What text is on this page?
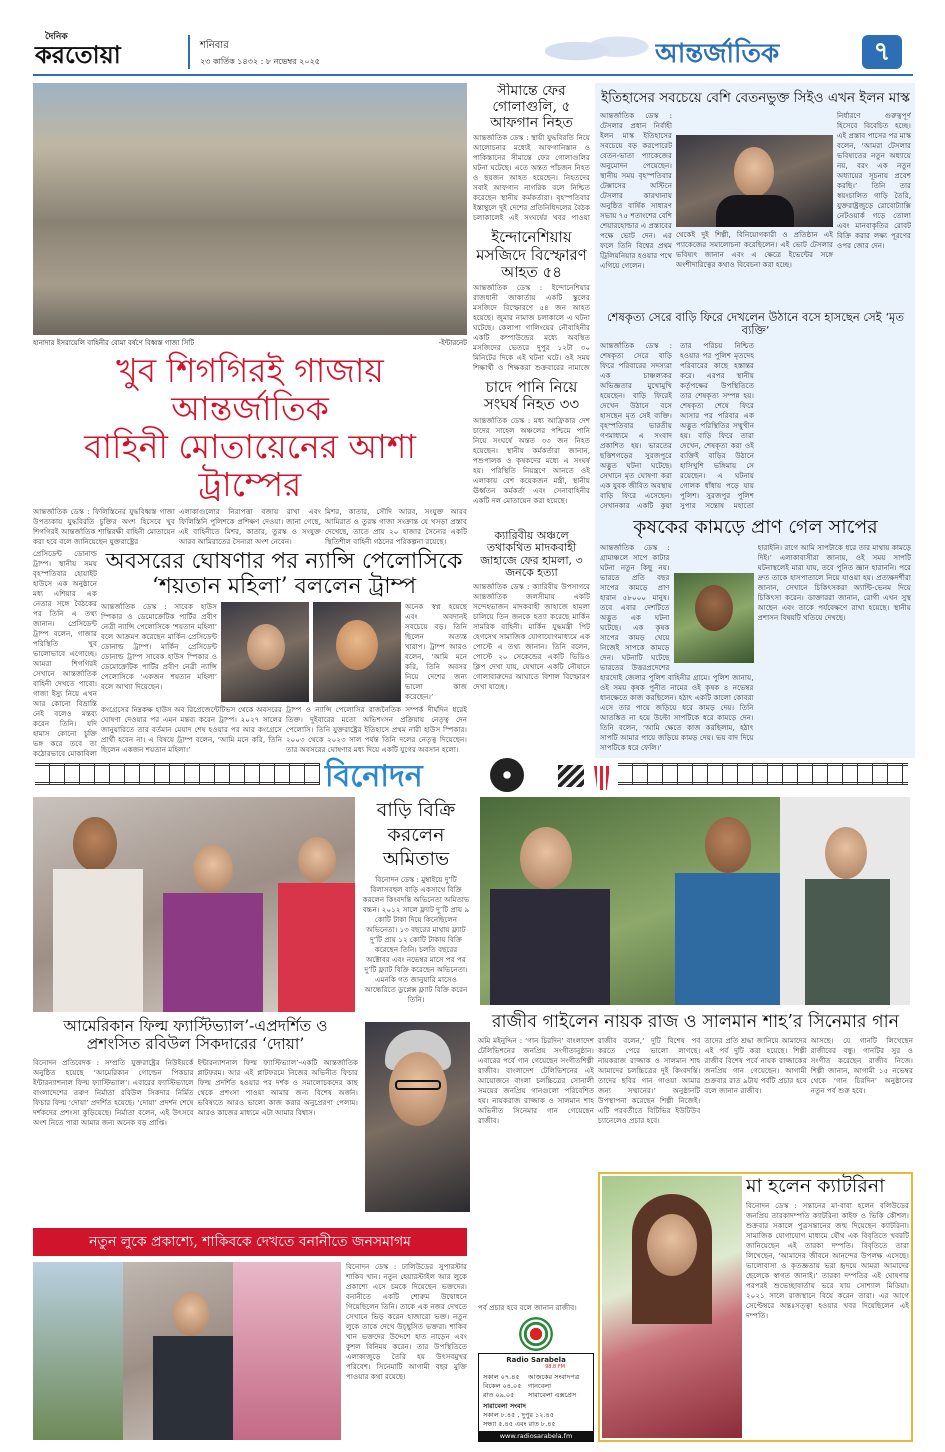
দৈনিক
করতোয়া	শনিবার
২৩ কার্তিক ১৪৩২ : ৮ নভেম্বর ২০২৫	আন্তর্জাতিক	৭
হানাদার ইসরায়েলি বাহিনীর বোমা বর্ষণে বিধ্বস্ত গাজা সিটি	-ইন্টারনেট
খুব শিগগিরই গাজায় আন্তর্জাতিক
বাহিনী মোতায়েনের আশা ট্রাম্পের
আন্তর্জাতিক ডেস্ক : ফিলিস্তিনের যুদ্ধবিধ্বস্ত গাজা উপত্যকায় যুদ্ধবিরতি চুক্তির অংশ হিসেবে খুব শিগগিরই আন্তর্জাতিক শান্তিরক্ষী বাহিনী মোতায়েন করা হবে বলে জানিয়েছেন যুক্তরাষ্ট্রের
এলাকাগুলোর নিরাপত্তা বজায় রাখা এবং ফিলিস্তিনি পুলিশকে প্রশিক্ষণ দেওয়া। জানা গেছে, এই বাহিনীতে মিশর, কাতার, তুরস্ক ও সংযুক্ত আরব আমিরাতের সৈন্যরা অংশ নেবেন।
মিশর, কাতার, সৌদি আরব, সংযুক্ত আরব আমিরাত ও তুরস্ক গাজা সংক্রান্ত যে খসড়া প্রস্তাব দেখেছে, তাতে প্রায় ২০ হাজার সৈন্যের একটি স্থিতিশীল বাহিনী গঠনের পরিকল্পনা রয়েছে।
প্রেসিডেন্ট ডোনাল্ড ট্রাম্প। স্থানীয় সময় বৃহস্পতিবার হোয়াইট হাউসে এক অনুষ্ঠানে মধ্য এশিয়ার এক নেতার সঙ্গে বৈঠকের পর তিনি এ তথ্য জানান। প্রেসিডেন্ট ট্রাম্প বলেন, গাজার পরিস্থিতি খুব ভালোভাবে এগোচ্ছে। আমরা শিগগিরই সেখানে আন্তর্জাতিক বাহিনী দেখতে পাবো। গাজা ইস্যু নিয়ে এখন আর কোনো বিভ্রান্তি নেই বলেও মন্তব্য করেন তিনি। যদি হামাস কোনো চুক্তি ভঙ্গ করে তবে তা কঠোরভাবে মোকাবিলা
অবসরের ঘোষণার পর ন্যান্সি পেলোসিকে
‘শয়তান মহিলা’ বললেন ট্রাম্প
আন্তর্জাতিক ডেস্ক : সাবেক হাউস স্পিকার ও ডেমোক্রেটিক পার্টির প্রবীণ নেত্রী ন্যান্সি পেলোসিকে ‘শয়তান মহিলা’ বলে আক্রমণ করেছেন মার্কিন প্রেসিডেন্ট ডোনাল্ড ট্রাম্প। মার্কিন প্রেসিডেন্ট ডোনাল্ড ট্রাম্প সাবেক হাউস স্পিকার ও ডেমোক্রেটিক পার্টির প্রবীণ নেত্রী ন্যান্সি পেলোসিকে ‘একজন শয়তান মহিলা’ বলে আখ্যা দিয়েছেন।
অনেক স্বপ্ন হয়েছে এবং অবদানই সবচেয়ে বড়। তিনি ছিলেন অত্যন্ত খারাপ। ট্রাম্প আরও বলেন, ‘আমি মনে করি, তিনি অবসর নিয়ে দেশের জন্য ভালো কাজ করেছেন।’
কংগ্রেসের নিম্নকক্ষ হাউস অব রিপ্রেজেন্টেটিভস থেকে অবসরের ঘোষণা দেওয়ার পর এমন মন্তব্য করেন ট্রাম্প। ২০২৭ সালের জানুয়ারিতে তার বর্তমান মেয়াদ শেষ হওয়ার পর আর কংগ্রেসে প্রার্থী হবেন না। এ বিষয়ে ট্রাম্প বলেন, ‘আমি মনে করি, তিনি ছিলেন একজন শয়তান মহিলা।’
ট্রাম্প ও ন্যান্সি পেলোসির রাজনৈতিক সম্পর্ক দীর্ঘদিন ধরেই তিক্ত। দুইবারের মতো অভিশংসন প্রক্রিয়ায় নেতৃত্ব দেন পেলোসি। তিনি যুক্তরাষ্ট্রের ইতিহাসে প্রথম নারী হাউস স্পিকার। ২০০৩ থেকে ২০২৩ সাল পর্যন্ত তিনি দলের নেতৃত্ব দিয়েছেন। তার অবসরের ঘোষণার মধ্য দিয়ে একটি যুগের অবসান হলো।
সীমান্তে ফের গোলাগুলি, ৫ আফগান নিহত
আন্তর্জাতিক ডেস্ক : স্থায়ী যুদ্ধবিরতি নিয়ে আলোচনার মধ্যেই আফগানিস্তান ও পাকিস্তানের সীমান্তে ফের গোলাগুলির ঘটনা ঘটেছে। এতে অন্তত পাঁচজন নিহত ও ছয়জন আহত হয়েছেন। নিহতদের সবাই আফগান নাগরিক বলে নিশ্চিত করেছেন স্থানীয় কর্মকর্তারা। বৃহস্পতিবার ইস্তাম্বুলে দুই দেশের প্রতিনিধিদলের বৈঠক চলাকালেই এই সংঘর্ষের খবর পাওয়া
ইন্দোনেশিয়ায় মসজিদে বিস্ফোরণ আহত ৫৪
আন্তর্জাতিক ডেস্ক : ইন্দোনেশিয়ার রাজধানী জাকার্তায় একটি স্কুলের মসজিদে বিস্ফোরণে ৫৪ জন আহত হয়েছে। জুমার নামাজ চলাকালে এ ঘটনা ঘটেছে। কেলাপা গালিংয়ের নৌবাহিনীর একটি কম্পাউন্ডের মধ্যে অবস্থিত মসজিদের ভেতরে দুপুর ১২টা ৩০ মিনিটের দিকে এই ঘটনা ঘটে। ওই সময় শিক্ষার্থী ও শিক্ষকরা শুক্রবারের নামাজে
চাদে পানি নিয়ে সংঘর্ষ নিহত ৩৩
আন্তর্জাতিক ডেস্ক : মধ্য আফ্রিকার দেশ চাদের সাহেল অঞ্চলের পশ্চিমে পানি নিয়ে সংঘর্ষে অন্তত ৩৩ জন নিহত হয়েছেন। স্থানীয় কর্মকর্তারা জানান, পশুপালক ও কৃষকদের মধ্যে এ সংঘর্ষ হয়। পরিস্থিতি নিয়ন্ত্রণে আনতে ওই এলাকায় বেশ কয়েকজন মন্ত্রী, স্থানীয় ঊর্ধ্বতন কর্মকর্তা এবং সেনাবাহিনীর একটি দল মোতায়েন করা হয়েছে।
ক্যারিবীয় অঞ্চলে তথাকথিত মাদকবাহী জাহাজে ফের হামলা, ৩ জনকে হত্যা
আন্তর্জাতিক ডেস্ক : ক্যারিবীয় উপসাগরে আন্তর্জাতিক জলসীমায় একটি সন্দেহভাজন মাদকবাহী জাহাজে হামলা চালিয়ে তিন জনকে হত্যা করেছে মার্কিন সামরিক বাহিনী। মার্কিন যুদ্ধমন্ত্রী পিট হেগসেথ সামাজিক যোগাযোগমাধ্যমে এক পোস্টে এ তথ্য জানান। তিনি বলেন, পোস্টে ২০ সেকেন্ডের একটি ভিডিও ক্লিপ দেখা যায়, যেখানে একটি নৌযানে গোলাবারুদের আঘাতে বিশাল বিস্ফোরণ দেখা যাচ্ছে।
ইতিহাসের সবচেয়ে বেশি বেতনভুক্ত সিইও এখন ইলন মাস্ক
আন্তর্জাতিক ডেস্ক : টেসলার প্রধান নির্বাহী ইলন মাস্ক ইতিহাসের সবচেয়ে বড় করপোরেট বেতন-ভাতা প্যাকেজের অনুমোদন পেয়েছেন। স্থানীয় সময় বৃহস্পতিবার টেক্সাসের অস্টিনে টেসলার কারখানায় অনুষ্ঠিত বার্ষিক সাধারণ সভায় ৭৫ শতাংশের বেশি শেয়ারহোল্ডার এ প্রস্তাবের পক্ষে ভোট দেন। এর ফলে তিনি বিশ্বের প্রথম ট্রিলিয়নিয়ার হওয়ার পথে এগিয়ে গেলেন।
থেকেই দুই শিল্পী, বিনিয়োগকারী ও প্রতিষ্ঠান এই প্যাকেজের সমালোচনা করেছিলেন। এই ভোট টেসলার ভবিষ্যৎ জানান এবং এ ক্ষেত্রে ইভেন্টের সঙ্গে অংশীদারিত্বের কথাও বিবেচনা করা হচ্ছে।
নির্ধারণে গুরুত্বপূর্ণ হিসেবে বিবেচিত হচ্ছে। এই প্রস্তাব পাসের পর মাস্ক বলেন, ‘আমরা টেসলার ভবিষ্যতের নতুন অধ্যায়ে নয়, বরং এক নতুন অধ্যায়ের সূচনায় প্রবেশ করছি।’ তিনি তার স্বয়ংচালিত গাড়ি তৈরি, যুক্তরাষ্ট্রজুড়ে রোবোট্যাক্সি নেটওয়ার্ক গড়ে তোলা এবং মানবাকৃতির রোবট বিক্রি করার লক্ষ্য পূরণের ওপর জোর দেন।
শেষকৃত্য সেরে বাড়ি ফিরে দেখলেন উঠানে বসে হাসছেন সেই ‘মৃত ব্যক্তি’
আন্তর্জাতিক ডেস্ক : শেষকৃত্য সেরে বাড়ি ফিরে পরিবারের সদস্যরা এক চাঞ্চল্যকর অভিজ্ঞতার মুখোমুখি হয়েছেন। বাড়ি ফিরেই দেখেন উঠানে বসে হাসছেন মৃত সেই ব্যক্তি। বৃহস্পতিবার ভারতীয় গণমাধ্যমে এ সংবাদ প্রকাশিত হয়। ভারতের ছত্তিশগড়ের সুরজপুরে অদ্ভুত ঘটনা ঘটেছে। সেখানে মৃত ঘোষণা করা এক যুবক জীবিত অবস্থায় বাড়ি ফিরে এসেছেন। সেখানকার একটি কুয়া
তার পরিচয় নিশ্চিত হওয়ার পর পুলিশ মৃতদেহ পরিবারের কাছে হস্তান্তর করে। এরপর স্থানীয় কর্তৃপক্ষের উপস্থিতিতে তার শেষকৃত্য সম্পন্ন হয়। শেষকৃত্য শেষে ফিরে আসার পর পরিবার এক অদ্ভুত পরিস্থিতির সম্মুখীন হয়। বাড়ি ফিরে তারা দেখেন, শেষকৃত্য করা ওই ব্যক্তিই বাড়ির উঠানে হাসিখুশি ভঙ্গিমায় সে রয়েছেন। এ ঘটনায় গোলক ধাঁধায় পড়ে যায় পুলিশ। সুরজপুর পুলিশ সুপার সন্তোষ মহাতো
কৃষকের কামড়ে প্রাণ গেল সাপের
আন্তর্জাতিক ডেস্ক : গ্রামাঞ্চলে সাপে কাটার ঘটনা নতুন কিছু নয়। ভারতে প্রতি বছর সাপের কামড়ে প্রাণ হারান ৫৮০০০ মানুষ। তবে এবার দেশটিতে অদ্ভুত এক ঘটনা ঘটেছে। এক কৃষক সাপের কামড় খেয়ে নিজেই সাপকে কামড়ে দেন। ঘটনাটি ঘটেছে ভারতের উত্তরপ্রদেশের হারদোই জেলার পুলিশ বাহিনীর গ্রামে। পুলিশ জানায়, ওই সময় কৃষক পুনীত নামের ওই কৃষক ৪ নভেম্বর ধানক্ষেতে কাজ করছিলেন। হঠাৎ একটি কালো কোবরা এসে তার পায়ে জড়িয়ে ধরে কামড় দেয়। তিনি আতঙ্কিত না হয়ে উল্টো সাপটিকে ধরে কামড়ে দেন। তিনি বলেন, ‘আমি ক্ষেতে কাজ করছিলাম, হঠাৎ সাপটি আমার পায়ে জড়িয়ে কামড় দেয়। ভয় বাদ দিয়ে সাপটিকে ধরে ফেলি।’
হারাইনি। রাগে আমি সাপটাকে ধরে তার মাথায় কামড়ে দিই।’ এলাকাবাসীরা জানায়, ওই সময় সাপটি ঘটনাস্থলেই মারা যায়, তবে পুনিত জ্ঞান হারাননি। পরে দ্রুত তাকে হাসপাতালে নিয়ে যাওয়া হয়। প্রত্যক্ষদর্শীরা জানান, সেখানে চিকিৎসকরা অ্যান্টি-ভেনম দিয়ে চিকিৎসা করেন। ডাক্তাররা জানান, রোগী এখন সুস্থ আছেন এবং তাকে পর্যবেক্ষণে রাখা হয়েছে। স্থানীয় প্রশাসন বিষয়টি খতিয়ে দেখছে।
বিনোদন
বাড়ি বিক্রি করলেন অমিতাভ
বিনোদন ডেস্ক : মুম্বাইয়ে দু’টি বিলাসবহুল বাড়ি একসাথে বিক্রি করলেন কিংবদন্তি অভিনেতা অমিতাভ বচ্চন। ২০১২ সালে ফ্ল্যাট দু’টি প্রায় ৯ কোটি টাকা দিয়ে কিনেছিলেন অভিনেতা। ১৩ বছরের মাথায় ফ্ল্যাট দু’টি প্রায় ১২ কোটি টাকায় বিক্রি করেছেন তিনি। চলতি বছরের অক্টোবর এবং নভেম্বর মাসে পর পর দু’টি ফ্ল্যাট বিক্রি করেছেন অভিনেতা। এমনকি গত জানুয়ারি মাসেও আন্ধেরিতে ডুপ্লেক্স ফ্ল্যাট বিক্রি করেন তিনি।
আমেরিকান ফিল্ম ফ্যাস্টিভ্যাল’-এপ্রদর্শিত ও
প্রশংসিত রবিউল সিকদারের ‘দোয়া’
বিনোদন প্রতিবেদক : সম্প্রতি যুক্তরাষ্ট্রের নিউইয়র্কে অনুষ্ঠিত হয়েছে ‘আমেরিকান গোল্ডেন পিকচার ইন্টারন্যাশনাল ফিল্ম ফ্যাস্টিভ্যাল’। এবারের ফ্যাস্টিভ্যালে বাংলাদেশের তরুণ নির্মাতা রবিউল সিকদার নির্মিত ফিচার ফিল্ম ‘দোয়া’ প্রদর্শিত হয়েছে। ‘দোয়া’ প্রদর্শন শেষে দর্শকদের প্রশংসা কুড়িয়েছে। নির্মাতা বলেন, এই উৎসবে অংশ নিতে পারা আমার জন্য অনেক বড় প্রাপ্তি।
ইন্টারন্যাশনাল ফিল্ম ফ্যাস্টিভ্যাল’-একটি আন্তর্জাতিক প্লাটফরম। আর এই প্লাটফরমে নিজের অভিনীত ফিচার ফিল্ম প্রদর্শিত হওয়ার পর দর্শক ও সমালোচকদের কাছ থেকে প্রশংসা পাওয়া আমার জন্য বিশেষ অর্জন। ভবিষ্যতে আরও ভালো কাজ করার অনুপ্রেরণা পেলাম। আরও কাজের মাধ্যমে এটা আমার বিশ্বাস।
নতুন লুকে প্রকাশ্যে, শাকিবকে দেখতে বনানীতে জনসমাগম
বিনোদন ডেস্ক : ঢালিউডের সুপারস্টার শাকিব খান। নতুন হেয়ারস্টাইল আর লুকে প্রকাশ্যে এসে চমকে দিয়েছেন ভক্তদের। বনানীতে একটি শোরুম উদ্বোধনে গিয়েছিলেন তিনি। তাকে এক নজর দেখতে সেখানে ভিড় করেন হাজারো ভক্ত। নতুন লুকে তাকে দেখে উচ্ছ্বসিত ভক্তরা। শাকিব খান ভক্তদের উদ্দেশে হাত নাড়েন এবং কুশল বিনিময় করেন। তার উপস্থিতিতে এলাকাজুড়ে তৈরি হয় উৎসবমুখর পরিবেশ। সিনেমাটি আগামী বছর মুক্তি পাওয়ার কথা রয়েছে।
রাজীব গাইলেন নায়ক রাজ ও সালমান শাহ’র সিনেমার গান
অমি মইনুদ্দিন : ‘গান চিরদিন’ বাংলাদেশ টেলিভিশনের জনপ্রিয় সংগীতানুষ্ঠান। এবারের পর্বে গান গেয়েছেন সংগীতশিল্পী রাজীব। বাংলাদেশ টেলিভিশনের এই আয়োজনে বাংলা চলচ্চিত্রের সোনালী সময়ের জনপ্রিয় গানগুলো পরিবেশিত হয়। নায়করাজ রাজ্জাক ও সালমান শাহ অভিনীত সিনেমার গান গেয়েছেন রাজীব।
পর্ব প্রচার হবে বলে জানান রাজীব।
Radio Sarabela
98.8 FM
সকাল ০৭.৪৫ আজকের সংবাদপত্র
বিকেল ০৪.০৫ গানবেলা
রাত ০৯.০৫ সারাবেলা এক্সপ্রেস
সারাবেলা সংবাদ
সকাল ৮.৪৫ , দুপুর ১২.৪৫
সন্ধ্যা ৫.৪৫ এবং রাত ৮.৪৫
www.radiosarabela.fm
রাজীব বলেন,‘ দুটি বিশেষ পর্ব করতে পেরে ভালো লাগছে। নায়করাজ রাজ্জাক ও সালমান শাহ আমাদের চলচ্চিত্রের দুই কিংবদন্তি। তাদের ছবির গান গাওয়া আমার জন্য সম্মানের।’ অনুষ্ঠানটি উপস্থাপনা করেছেন শিল্পী নিজেই। এটি পরবর্তীতে বিটিভির ইউটিউব চ্যানেলেও প্রচার হবে।
তাদের প্রতি শ্রদ্ধা জানিয়ে আমাদের এই পর্ব দুটি করা হয়েছে। শিল্পী রাজীব বিশেষ পর্বে নায়ক রাজ্জাকের জনপ্রিয় গান গেয়েছেন। আগামী শুক্রবার রাত ৯টায় পর্বটি প্রচার হবে বলে জানান রাজীব।
আসছে। যে গানটি লিখেছেন রাজীবের বন্ধু। গানটির সুর ও সংগীত করেছেন রাজীব নিজে। শিল্পী জানান, আগামী ১৫ নভেম্বর থেকে ‘গান চিরদিন’ অনুষ্ঠানের নতুন পর্ব শুরু হবে।
মা হলেন ক্যাটরিনা
বিনোদন ডেস্ক : সন্তানের মা-বাবা হলেন বলিউডের জনপ্রিয় তারকাদম্পতি ক্যাটরিনা কাইফ ও ভিকি কৌশল। শুক্রবার সকালে পুত্রসন্তানের জন্ম দিয়েছেন ক্যাটরিনা। সামাজিক যোগাযোগ মাধ্যমে যৌথ এক বিবৃতিতে খবরটি জানিয়েছেন এই তারকা দম্পতি। বিবৃতিতে তারা লিখেছেন, ‘আমাদের জীবনে আনন্দের উপলক্ষ এসেছে। ভালোবাসা ও কৃতজ্ঞতায় ভরা হৃদয়ে আমরা আমাদের ছেলেকে স্বাগত জানাই।’ তারকা দম্পতির এই ঘোষণার পরপরই শুভেচ্ছাবার্তায় ভরে যায় সোশ্যাল মিডিয়া। ২০২১ সালে রাজস্থানে বিয়ে করেন তারা। এর আগে সেপ্টেম্বরে অন্তঃসত্ত্বা হওয়ার খবর দিয়েছিলেন এই দম্পতি।
